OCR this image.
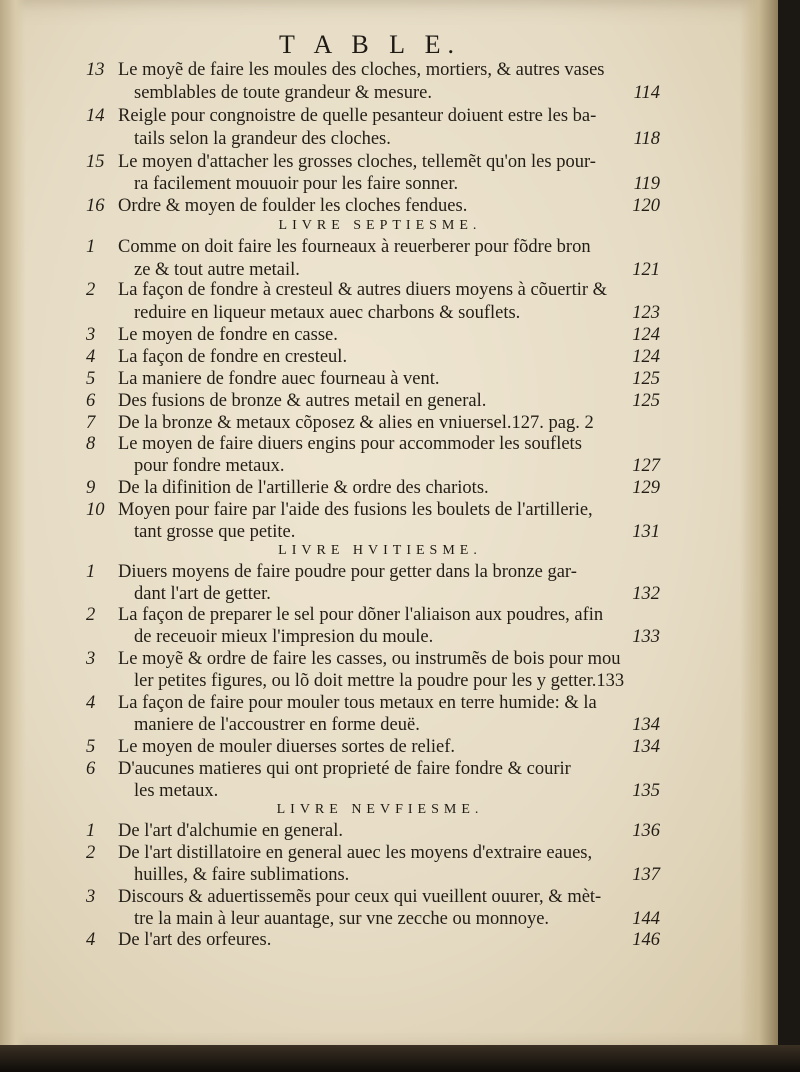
T A B L E.
13 Le moyẽ de faire les moules des cloches, mortiers, & autres vases
semblables de toute grandeur & mesure.	114
14 Reigle pour congnoistre de quelle pesanteur doiuent estre les ba-
tails selon la grandeur des cloches.	118
15 Le moyen d'attacher les grosses cloches, tellemẽt qu'on les pour-
ra facilement mouuoir pour les faire sonner.	119
16 Ordre & moyen de foulder les cloches fendues.	120
LIVRE SEPTIESME.
1 Comme on doit faire les fourneaux à reuerberer pour fõdre bron
ze & tout autre metail.	121
2 La façon de fondre à cresteul & autres diuers moyens à cõuertir &
reduire en liqueur metaux auec charbons & souflets.	123
3 Le moyen de fondre en casse.	124
4 La façon de fondre en cresteul.	124
5 La maniere de fondre auec fourneau à vent.	125
6 Des fusions de bronze & autres metail en general.	125
7 De la bronze & metaux cõposez & alies en vniuersel.127. pag. 2
8 Le moyen de faire diuers engins pour accommoder les souflets
pour fondre metaux.	127
9 De la difinition de l'artillerie & ordre des chariots.	129
10 Moyen pour faire par l'aide des fusions les boulets de l'artillerie,
tant grosse que petite.	131
LIVRE HVITIESME.
1 Diuers moyens de faire poudre pour getter dans la bronze gar-
dant l'art de getter.	132
2 La façon de preparer le sel pour dõner l'aliaison aux poudres, afin
de receuoir mieux l'impresion du moule.	133
3 Le moyẽ & ordre de faire les casses, ou instrumẽs de bois pour mou
ler petites figures, ou lõ doit mettre la poudre pour les y getter.133
4 La façon de faire pour mouler tous metaux en terre humide: & la
maniere de l'accoustrer en forme deuë.	134
5 Le moyen de mouler diuerses sortes de relief.	134
6 D'aucunes matieres qui ont proprieté de faire fondre & courir
les metaux.	135
LIVRE NEVFIESME.
1 De l'art d'alchumie en general.	136
2 De l'art distillatoire en general auec les moyens d'extraire eaues,
huilles, & faire sublimations.	137
3 Discours & aduertissemẽs pour ceux qui vueillent ouurer, & mèt-
tre la main à leur auantage, sur vne zecche ou monnoye.	144
4 De l'art des orfeures.	146
